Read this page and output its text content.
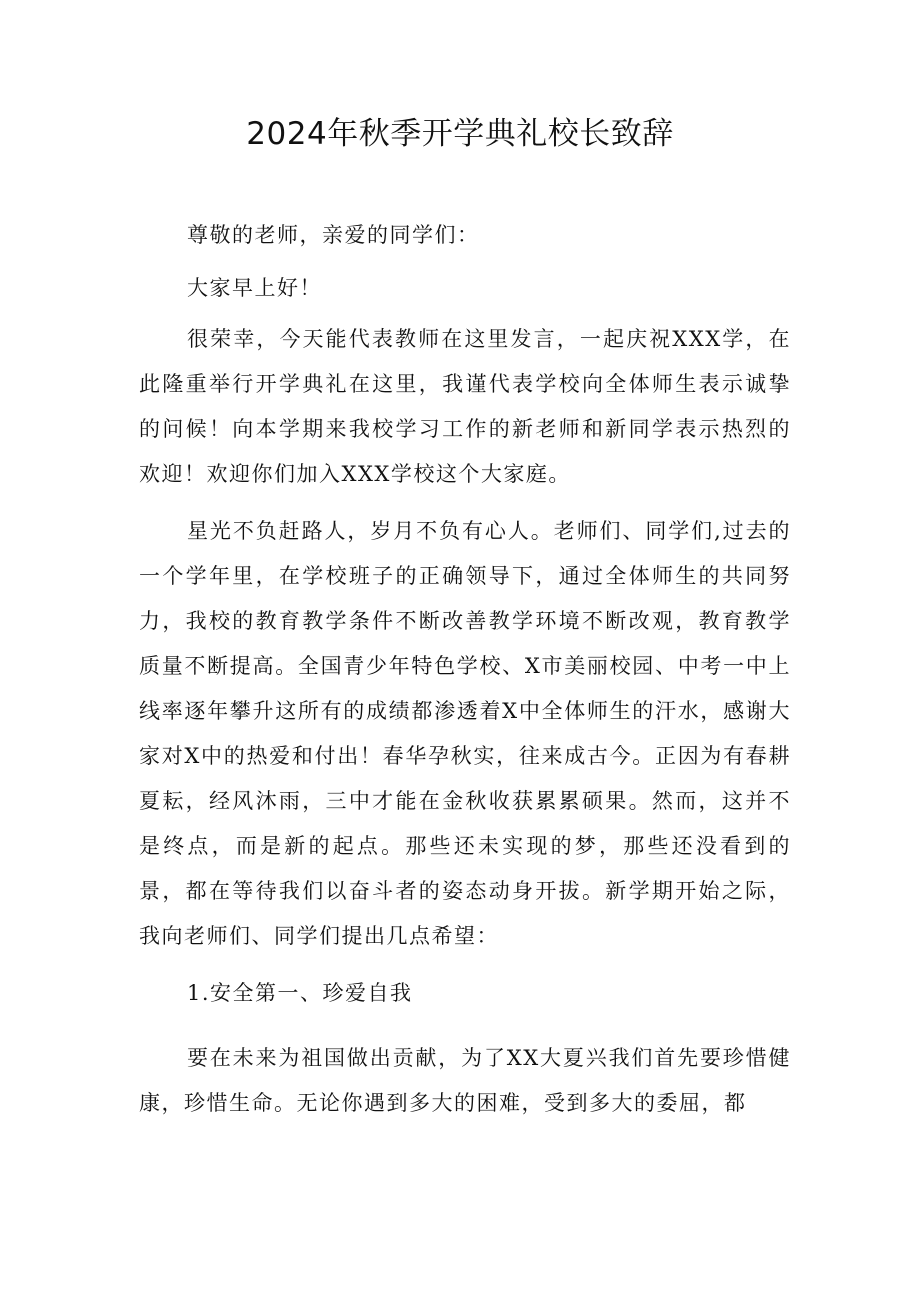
2024年秋季开学典礼校长致辞

尊敬的老师，亲爱的同学们：

大家早上好！

很荣幸，今天能代表教师在这里发言，一起庆祝XXX学，在此隆重举行开学典礼在这里，我谨代表学校向全体师生表示诚挚的问候！向本学期来我校学习工作的新老师和新同学表示热烈的欢迎！欢迎你们加入XXX学校这个大家庭。

星光不负赶路人，岁月不负有心人。老师们、同学们,过去的一个学年里，在学校班子的正确领导下，通过全体师生的共同努力，我校的教育教学条件不断改善教学环境不断改观，教育教学质量不断提高。全国青少年特色学校、X市美丽校园、中考一中上线率逐年攀升这所有的成绩都渗透着X中全体师生的汗水，感谢大家对X中的热爱和付出！春华孕秋实，往来成古今。正因为有春耕夏耘，经风沐雨，三中才能在金秋收获累累硕果。然而，这并不是终点，而是新的起点。那些还未实现的梦，那些还没看到的景，都在等待我们以奋斗者的姿态动身开拔。新学期开始之际，我向老师们、同学们提出几点希望：

1.安全第一、珍爱自我

要在未来为祖国做出贡献，为了XX大夏兴我们首先要珍惜健康，珍惜生命。无论你遇到多大的困难，受到多大的委屈，都
